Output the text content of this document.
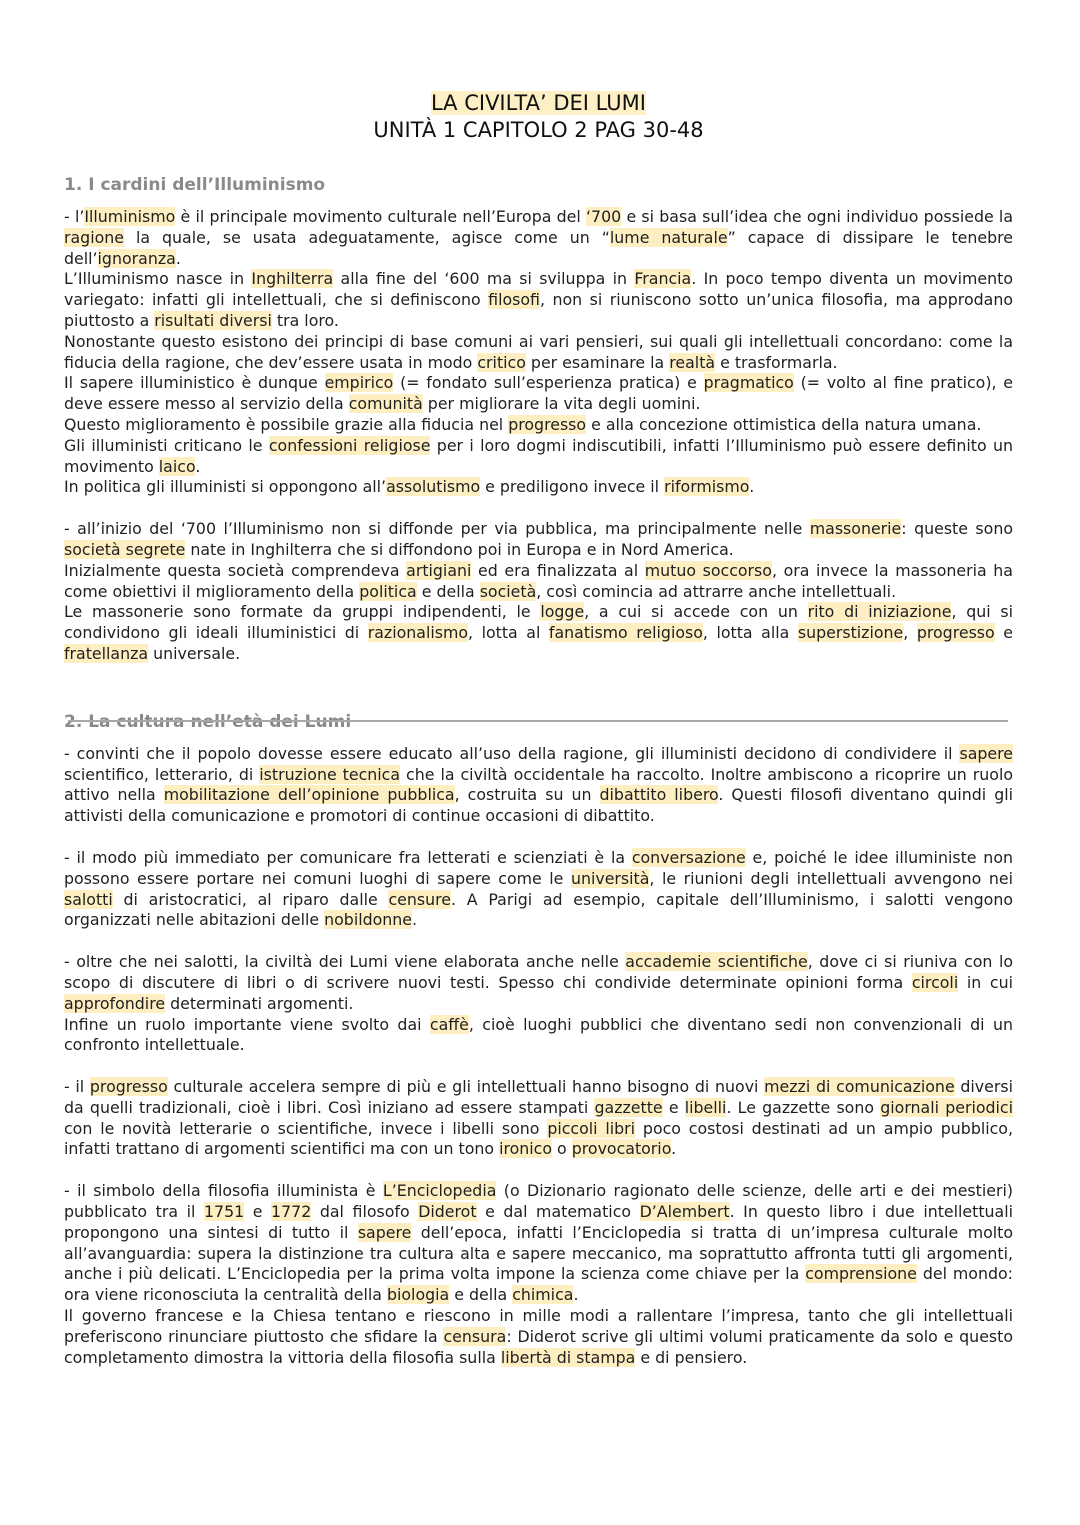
LA CIVILTA’ DEI LUMI
UNITÀ 1 CAPITOLO 2 PAG 30-48
1. I cardini dell’Illuminismo

- l’Illuminismo è il principale movimento culturale nell’Europa del ‘700 e si basa sull’idea che ogni individuo possiede la ragione la quale, se usata adeguatamente, agisce come un “lume naturale” capace di dissipare le tenebre dell’ignoranza.

L’Illuminismo nasce in Inghilterra alla fine del ‘600 ma si sviluppa in Francia. In poco tempo diventa un movimento variegato: infatti gli intellettuali, che si definiscono filosofi, non si riuniscono sotto un’unica filosofia, ma approdano piuttosto a risultati diversi tra loro.

Nonostante questo esistono dei principi di base comuni ai vari pensieri, sui quali gli intellettuali concordano: come la fiducia della ragione, che dev’essere usata in modo critico per esaminare la realtà e trasformarla.

Il sapere illuministico è dunque empirico (= fondato sull’esperienza pratica) e pragmatico (= volto al fine pratico), e deve essere messo al servizio della comunità per migliorare la vita degli uomini.

Questo miglioramento è possibile grazie alla fiducia nel progresso e alla concezione ottimistica della natura umana.

Gli illuministi criticano le confessioni religiose per i loro dogmi indiscutibili, infatti l’Illuminismo può essere definito un movimento laico.

In politica gli illuministi si oppongono all’assolutismo e prediligono invece il riformismo.

- all’inizio del ‘700 l’Illuminismo non si diffonde per via pubblica, ma principalmente nelle massonerie: queste sono società segrete nate in Inghilterra che si diffondono poi in Europa e in Nord America.

Inizialmente questa società comprendeva artigiani ed era finalizzata al mutuo soccorso, ora invece la massoneria ha come obiettivi il miglioramento della politica e della società, così comincia ad attrarre anche intellettuali.

Le massonerie sono formate da gruppi indipendenti, le logge, a cui si accede con un rito di iniziazione, qui si condividono gli ideali illuministici di razionalismo, lotta al fanatismo religioso, lotta alla superstizione, progresso e fratellanza universale.

2. La cultura nell’età dei Lumi

- convinti che il popolo dovesse essere educato all’uso della ragione, gli illuministi decidono di condividere il sapere scientifico, letterario, di istruzione tecnica che la civiltà occidentale ha raccolto. Inoltre ambiscono a ricoprire un ruolo attivo nella mobilitazione dell’opinione pubblica, costruita su un dibattito libero. Questi filosofi diventano quindi gli attivisti della comunicazione e promotori di continue occasioni di dibattito.

- il modo più immediato per comunicare fra letterati e scienziati è la conversazione e, poiché le idee illuministe non possono essere portare nei comuni luoghi di sapere come le università, le riunioni degli intellettuali avvengono nei salotti di aristocratici, al riparo dalle censure. A Parigi ad esempio, capitale dell’Illuminismo, i salotti vengono organizzati nelle abitazioni delle nobildonne.

- oltre che nei salotti, la civiltà dei Lumi viene elaborata anche nelle accademie scientifiche, dove ci si riuniva con lo scopo di discutere di libri o di scrivere nuovi testi. Spesso chi condivide determinate opinioni forma circoli in cui approfondire determinati argomenti.

Infine un ruolo importante viene svolto dai caffè, cioè luoghi pubblici che diventano sedi non convenzionali di un confronto intellettuale.

- il progresso culturale accelera sempre di più e gli intellettuali hanno bisogno di nuovi mezzi di comunicazione diversi da quelli tradizionali, cioè i libri. Così iniziano ad essere stampati gazzette e libelli. Le gazzette sono giornali periodici con le novità letterarie o scientifiche, invece i libelli sono piccoli libri poco costosi destinati ad un ampio pubblico, infatti trattano di argomenti scientifici ma con un tono ironico o provocatorio.

- il simbolo della filosofia illuminista è L’Enciclopedia (o Dizionario ragionato delle scienze, delle arti e dei mestieri) pubblicato tra il 1751 e 1772 dal filosofo Diderot e dal matematico D’Alembert. In questo libro i due intellettuali propongono una sintesi di tutto il sapere dell’epoca, infatti l’Enciclopedia si tratta di un’impresa culturale molto all’avanguardia: supera la distinzione tra cultura alta e sapere meccanico, ma soprattutto affronta tutti gli argomenti, anche i più delicati. L’Enciclopedia per la prima volta impone la scienza come chiave per la comprensione del mondo: ora viene riconosciuta la centralità della biologia e della chimica.

Il governo francese e la Chiesa tentano e riescono in mille modi a rallentare l’impresa, tanto che gli intellettuali preferiscono rinunciare piuttosto che sfidare la censura: Diderot scrive gli ultimi volumi praticamente da solo e questo completamento dimostra la vittoria della filosofia sulla libertà di stampa e di pensiero.
